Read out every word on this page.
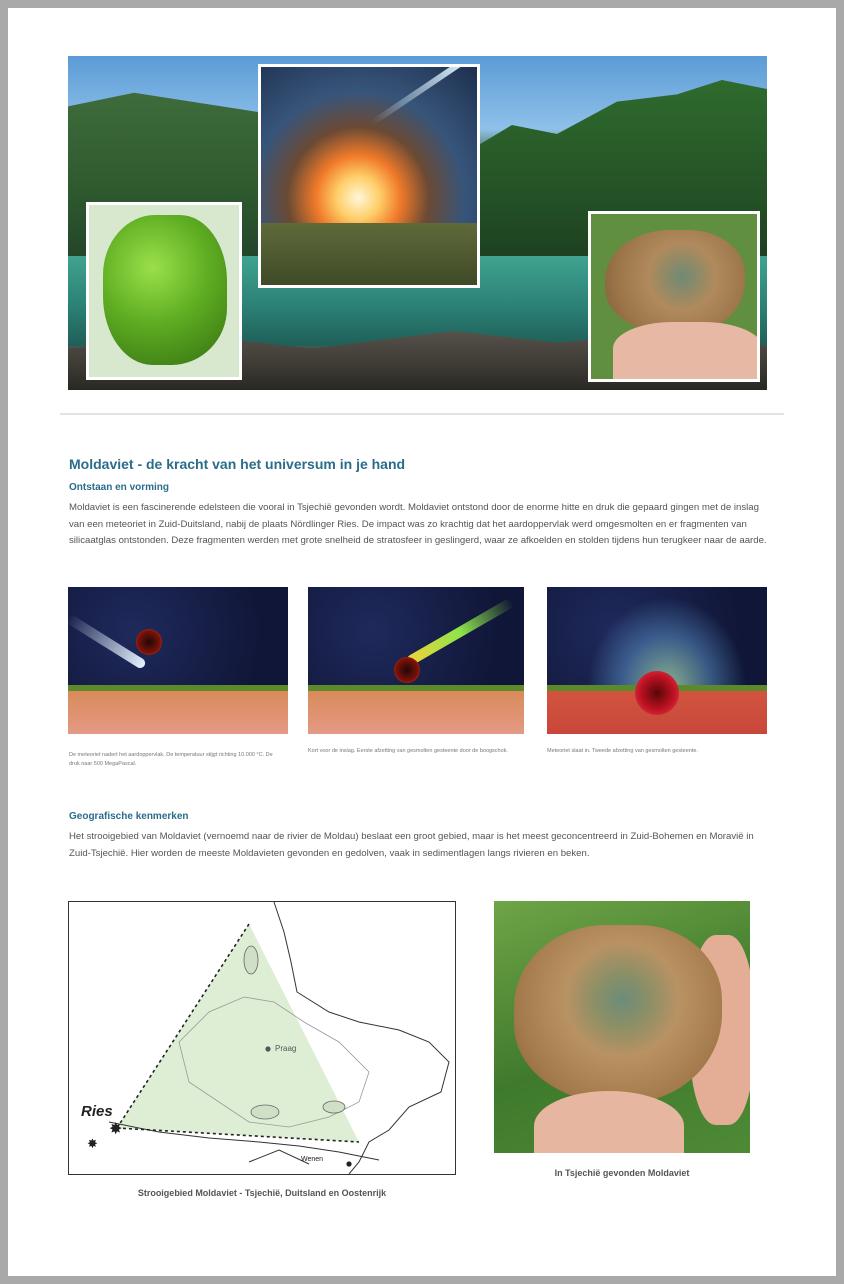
Moldaviet - de kracht van het universum in je hand
Ontstaan en vorming
Moldaviet is een fascinerende edelsteen die vooral in Tsjechië gevonden wordt. Moldaviet ontstond door de enorme hitte en druk die gepaard gingen met de inslag van een meteoriet in Zuid-Duitsland, nabij de plaats Nördlinger Ries. De impact was zo krachtig dat het aardoppervlak werd omgesmolten en er fragmenten van silicaatglas ontstonden. Deze fragmenten werden met grote snelheid de stratosfeer in geslingerd, waar ze afkoelden en stolden tijdens hun terugkeer naar de aarde.
De meteoriet nadert het aardoppervlak. De temperatuur stijgt richting 10.000 °C. De druk naar 500 MegaPascal.
Kort voor de inslag. Eerste afzetting van gesmolten gesteente door de boogschok.	Meteoriet slaat in. Tweede afzetting van gesmolten gesteente.
Geografische kenmerken
Het strooigebied van Moldaviet (vernoemd naar de rivier de Moldau) beslaat een groot gebied, maar is het meest geconcentreerd in Zuid-Bohemen en Moravië in Zuid-Tsjechië. Hier worden de meeste Moldavieten gevonden en gedolven, vaak in sedimentlagen langs rivieren en beken.
Praag
Wenen
Ries
✸
✸
Strooigebied Moldaviet - Tsjechië, Duitsland en Oostenrijk
In Tsjechië gevonden Moldaviet
